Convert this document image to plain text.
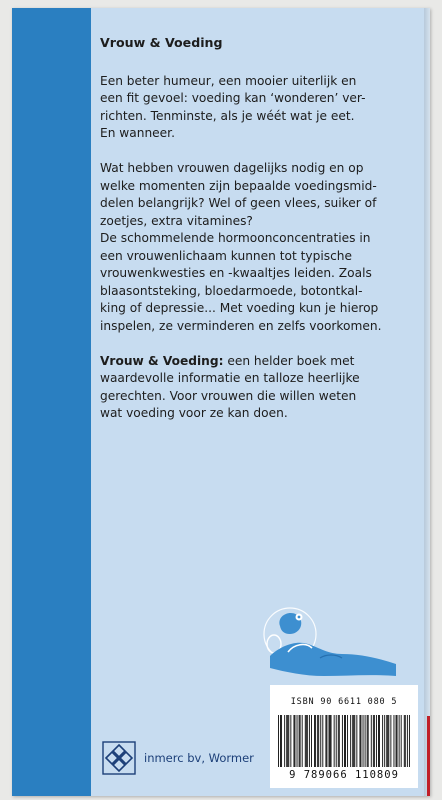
Vrouw & Voeding

Een beter humeur, een mooier uiterlijk en
een fit gevoel: voeding kan ‘wonderen’ ver-
richten. Tenminste, als je wéét wat je eet.
En wanneer.

Wat hebben vrouwen dagelijks nodig en op
welke momenten zijn bepaalde voedingsmid-
delen belangrijk? Wel of geen vlees, suiker of
zoetjes, extra vitamines?
De schommelende hormoonconcentraties in
een vrouwenlichaam kunnen tot typische
vrouwenkwesties en -kwaaltjes leiden. Zoals
blaasontsteking, bloedarmoede, botontkal-
king of depressie... Met voeding kun je hierop
inspelen, ze verminderen en zelfs voorkomen.

Vrouw & Voeding: een helder boek met
waardevolle informatie en talloze heerlijke
gerechten. Voor vrouwen die willen weten
wat voeding voor ze kan doen.

ISBN 90 6611 080 5
9 789066 110809
inmerc bv, Wormer
